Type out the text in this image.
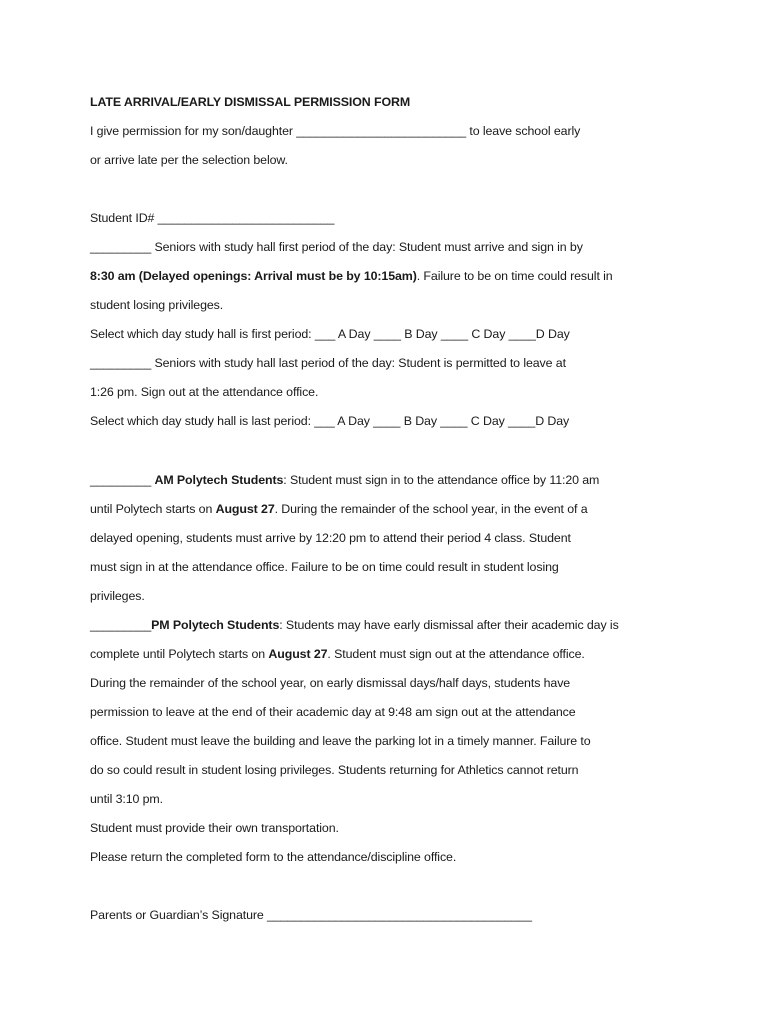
LATE ARRIVAL/EARLY DISMISSAL PERMISSION FORM
I give permission for my son/daughter _________________________ to leave school early
or arrive late per the selection below.
Student ID# __________________________
_________ Seniors with study hall first period of the day: Student must arrive and sign in by
8:30 am (Delayed openings: Arrival must be by 10:15am). Failure to be on time could result in
student losing privileges.
Select which day study hall is first period: ___ A Day ____ B Day ____ C Day ____D Day
_________ Seniors with study hall last period of the day: Student is permitted to leave at
1:26 pm. Sign out at the attendance office.
Select which day study hall is last period: ___ A Day ____ B Day ____ C Day ____D Day
_________ AM Polytech Students: Student must sign in to the attendance office by 11:20 am
until Polytech starts on August 27. During the remainder of the school year, in the event of a
delayed opening, students must arrive by 12:20 pm to attend their period 4 class. Student
must sign in at the attendance office. Failure to be on time could result in student losing
privileges.
_________PM Polytech Students: Students may have early dismissal after their academic day is
complete until Polytech starts on August 27. Student must sign out at the attendance office.
During the remainder of the school year, on early dismissal days/half days, students have
permission to leave at the end of their academic day at 9:48 am sign out at the attendance
office. Student must leave the building and leave the parking lot in a timely manner. Failure to
do so could result in student losing privileges. Students returning for Athletics cannot return
until 3:10 pm.
Student must provide their own transportation.
Please return the completed form to the attendance/discipline office.
Parents or Guardian’s Signature _______________________________________
